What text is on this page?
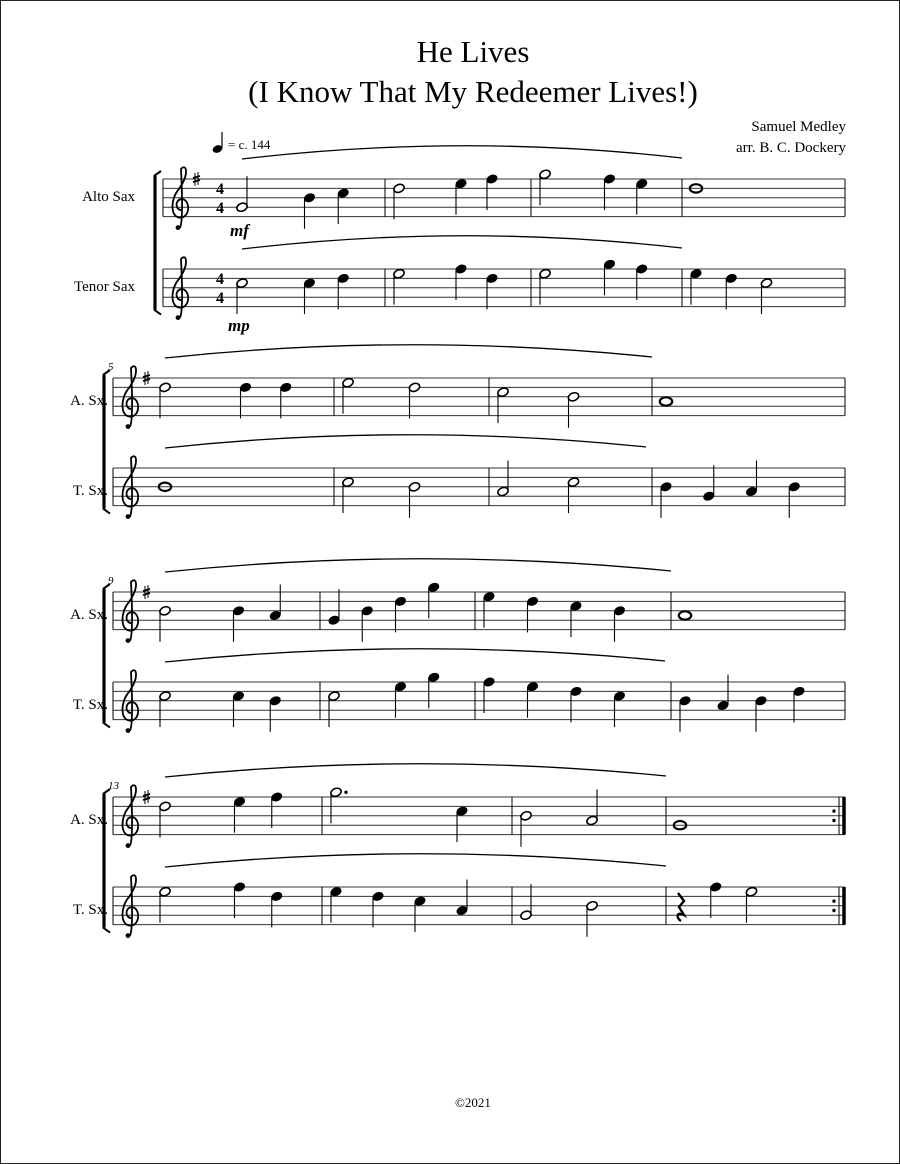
He Lives
(I Know That My Redeemer Lives!)
Samuel Medley
arr. B. C. Dockery
= c. 144
Alto Sax
Tenor Sax
4
4
4
4
mf
mp
A. Sx.
T. Sx.
5
A. Sx.
T. Sx.
9
A. Sx.
T. Sx.
13
©2021
